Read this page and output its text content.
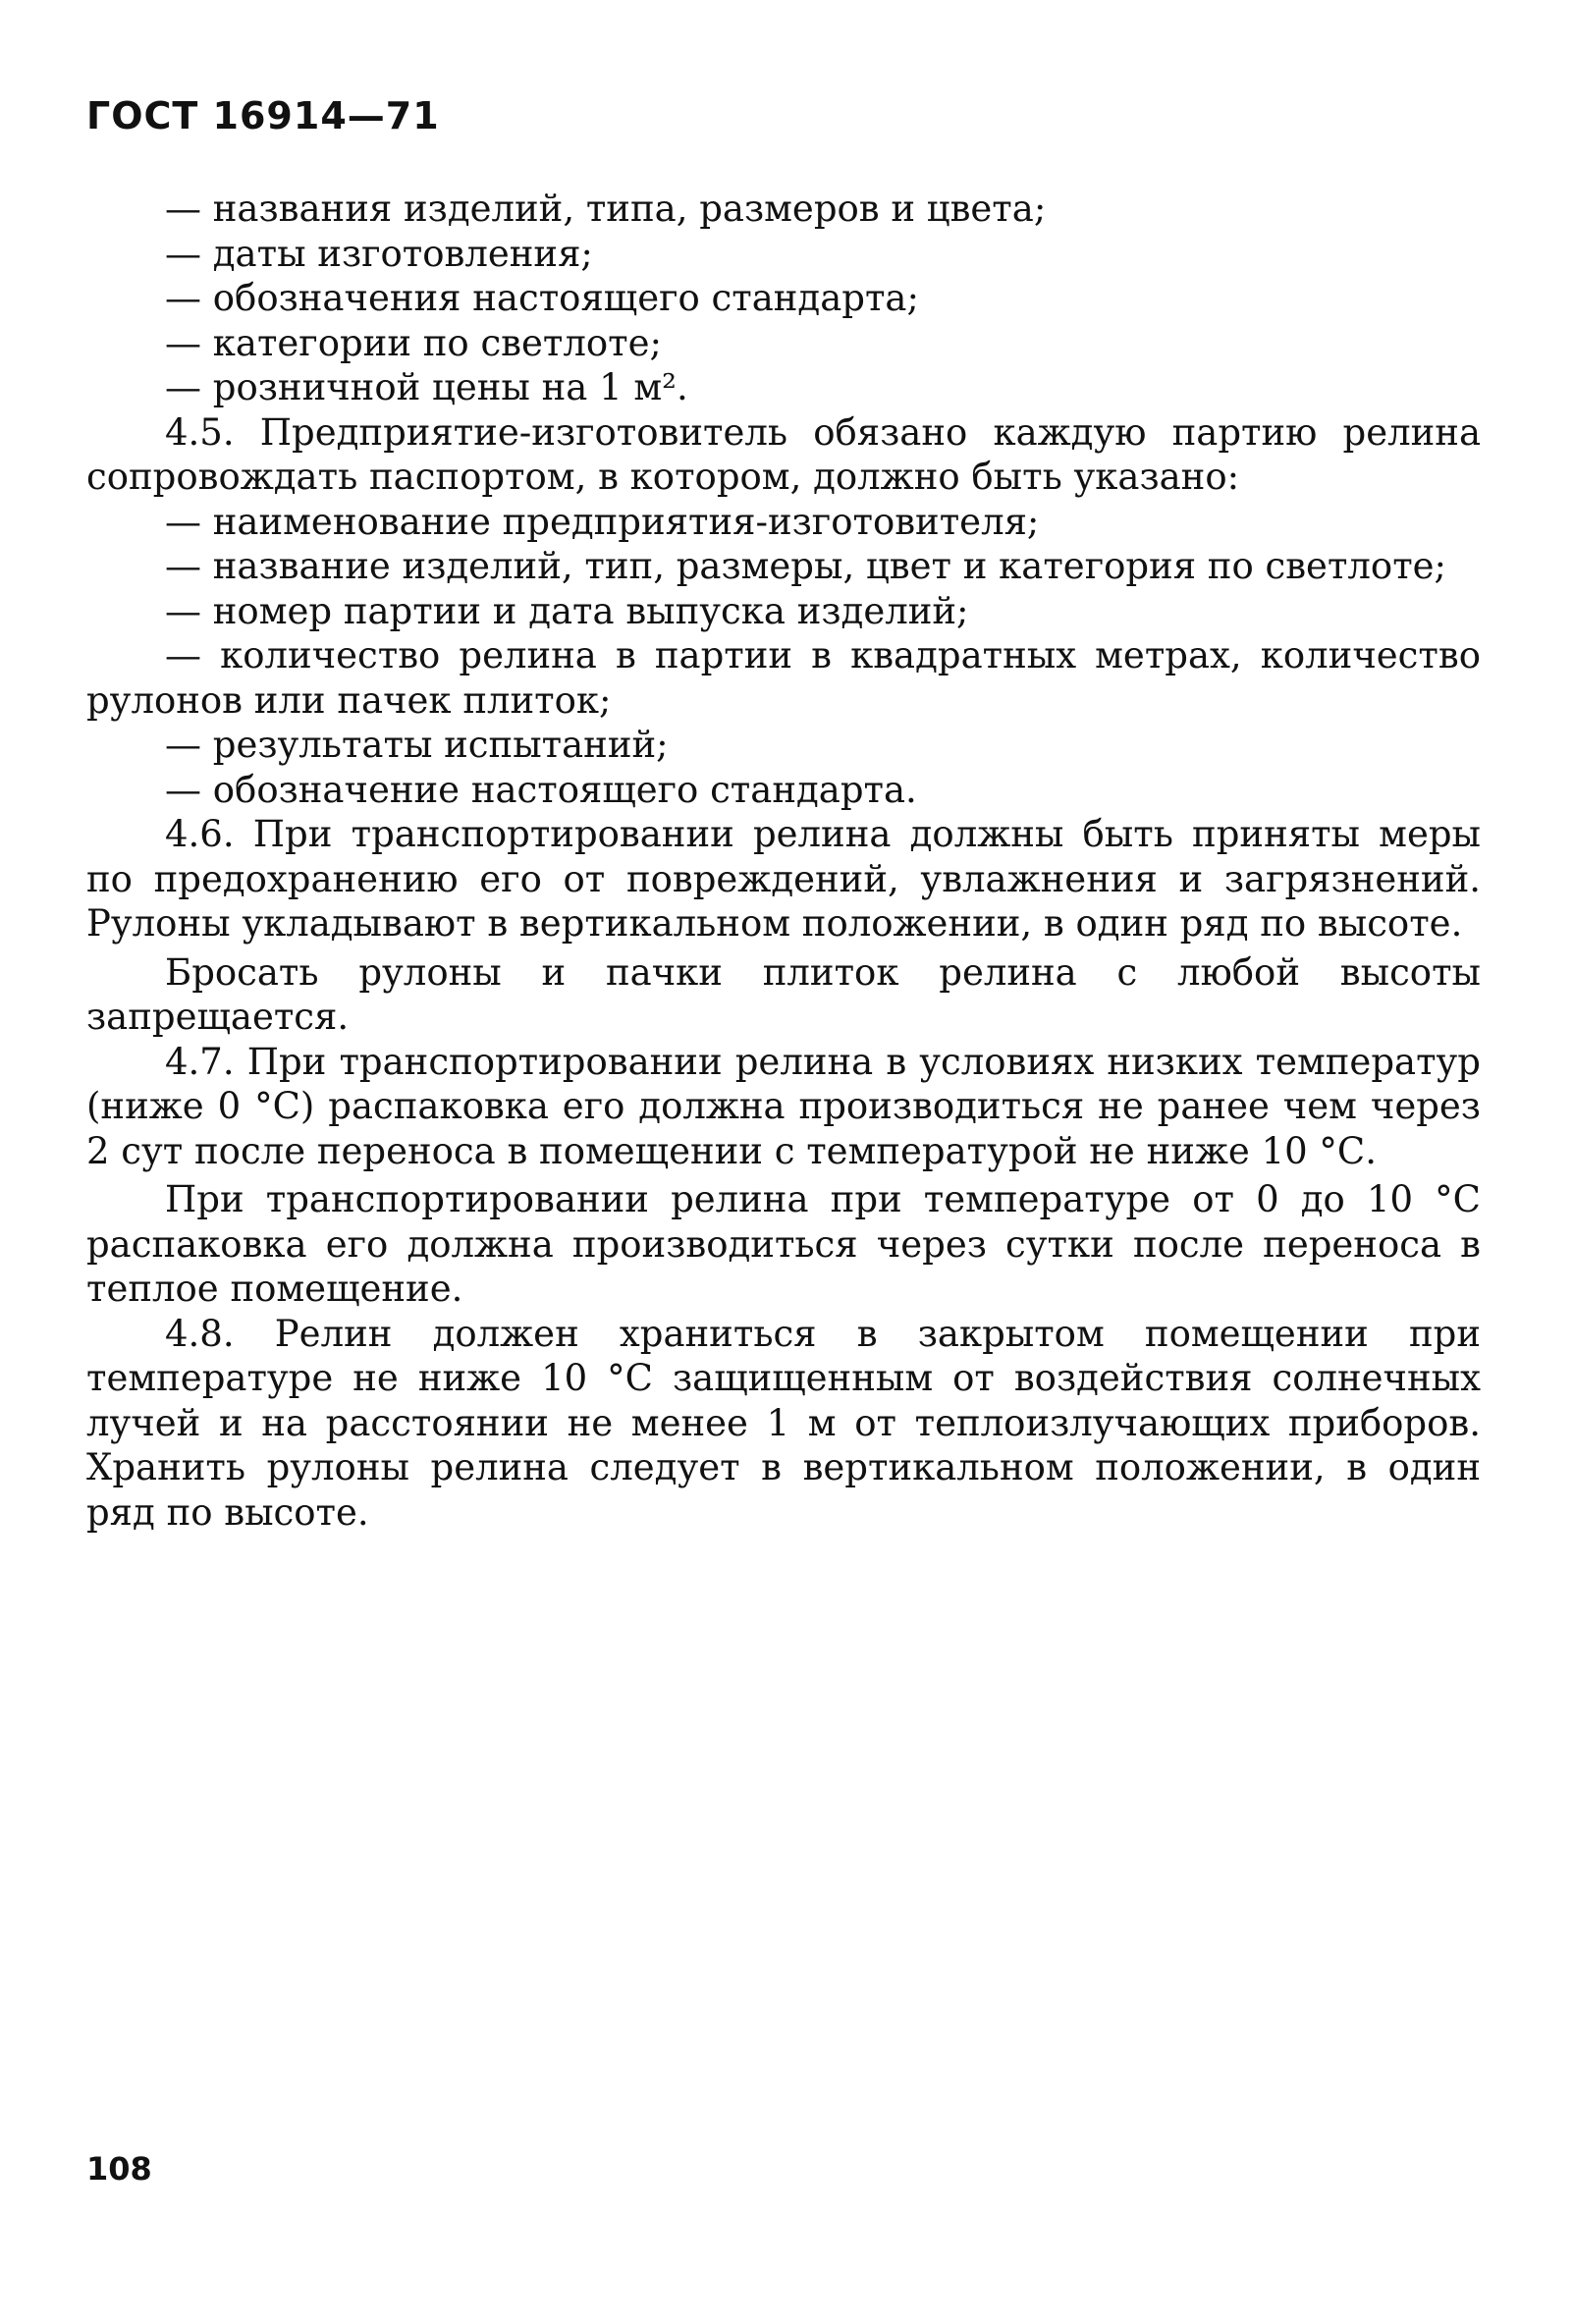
ГОСТ 16914—71

— названия изделий, типа, размеров и цвета;

— даты изготовления;

— обозначения настоящего стандарта;

— категории по светлоте;

— розничной цены на 1 м².

4.5. Предприятие-изготовитель обязано каждую партию релина сопровождать паспортом, в котором, должно быть указано:

— наименование предприятия-изготовителя;

— название изделий, тип, размеры, цвет и категория по светлоте;

— номер партии и дата выпуска изделий;

— количество релина в партии в квадратных метрах, количество рулонов или пачек плиток;

— результаты испытаний;

— обозначение настоящего стандарта.

4.6. При транспортировании релина должны быть приняты меры по предохранению его от повреждений, увлажнения и загрязнений. Рулоны укладывают в вертикальном положении, в один ряд по высоте.

Бросать рулоны и пачки плиток релина с любой высоты запрещается.

4.7. При транспортировании релина в условиях низких температур (ниже 0 °С) распаковка его должна производиться не ранее чем через 2 сут после переноса в помещении с температурой не ниже 10 °С.

При транспортировании релина при температуре от 0 до 10 °С распаковка его должна производиться через сутки после переноса в теплое помещение.

4.8. Релин должен храниться в закрытом помещении при температуре не ниже 10 °С защищенным от воздействия солнечных лучей и на расстоянии не менее 1 м от теплоизлучающих приборов. Хранить рулоны релина следует в вертикальном положении, в один ряд по высоте.

108
